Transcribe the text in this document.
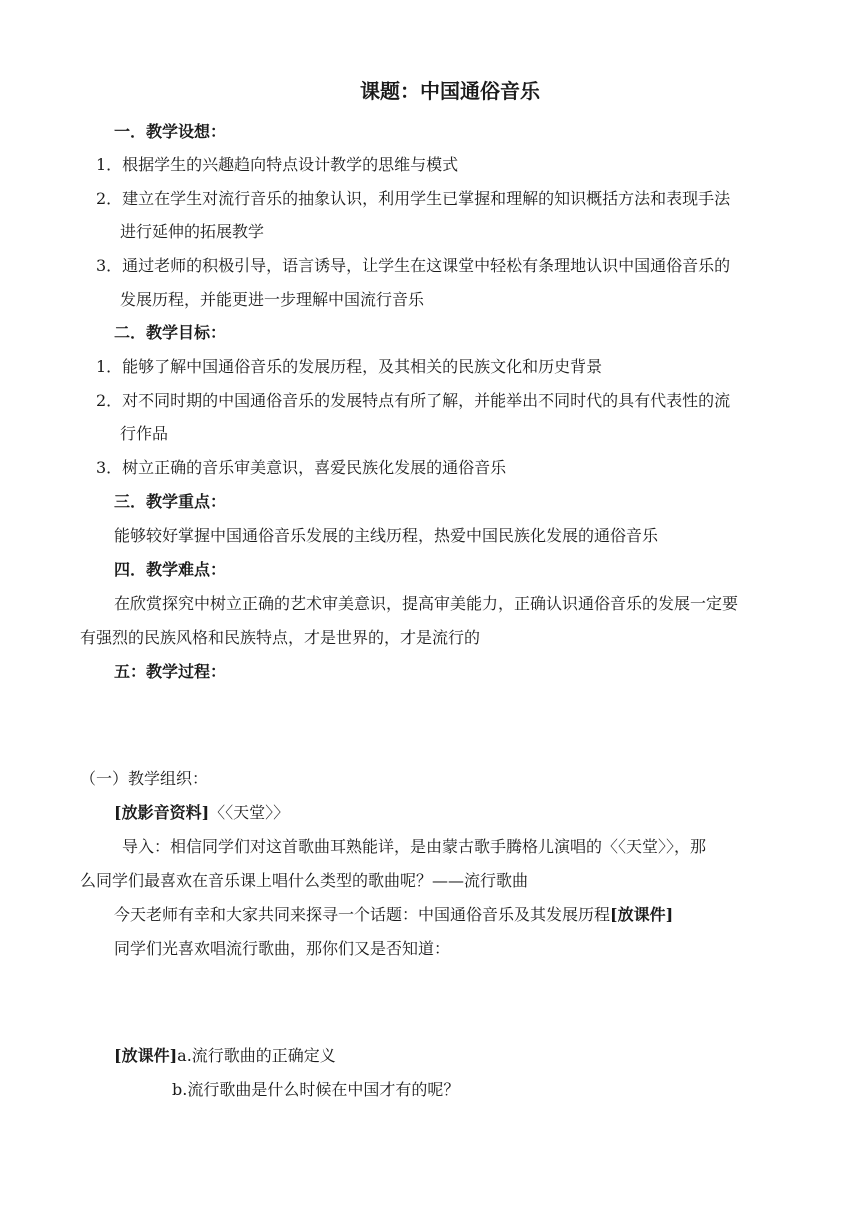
课题：中国通俗音乐
一．教学设想：
1．根据学生的兴趣趋向特点设计教学的思维与模式
2．建立在学生对流行音乐的抽象认识，利用学生已掌握和理解的知识概括方法和表现手法
进行延伸的拓展教学
3．通过老师的积极引导，语言诱导，让学生在这课堂中轻松有条理地认识中国通俗音乐的
发展历程，并能更进一步理解中国流行音乐
二．教学目标：
1．能够了解中国通俗音乐的发展历程，及其相关的民族文化和历史背景
2．对不同时期的中国通俗音乐的发展特点有所了解，并能举出不同时代的具有代表性的流
行作品
3．树立正确的音乐审美意识，喜爱民族化发展的通俗音乐
三．教学重点：
能够较好掌握中国通俗音乐发展的主线历程，热爱中国民族化发展的通俗音乐
四．教学难点：
在欣赏探究中树立正确的艺术审美意识，提高审美能力，正确认识通俗音乐的发展一定要
有强烈的民族风格和民族特点，才是世界的，才是流行的
五：教学过程：
（一）教学组织：
[放影音资料]〈〈天堂〉〉
导入：相信同学们对这首歌曲耳熟能详，是由蒙古歌手腾格儿演唱的〈〈天堂〉〉，那
么同学们最喜欢在音乐课上唱什么类型的歌曲呢？——流行歌曲
今天老师有幸和大家共同来探寻一个话题：中国通俗音乐及其发展历程[放课件]
同学们光喜欢唱流行歌曲，那你们又是否知道：
[放课件]a.流行歌曲的正确定义
b.流行歌曲是什么时候在中国才有的呢？
